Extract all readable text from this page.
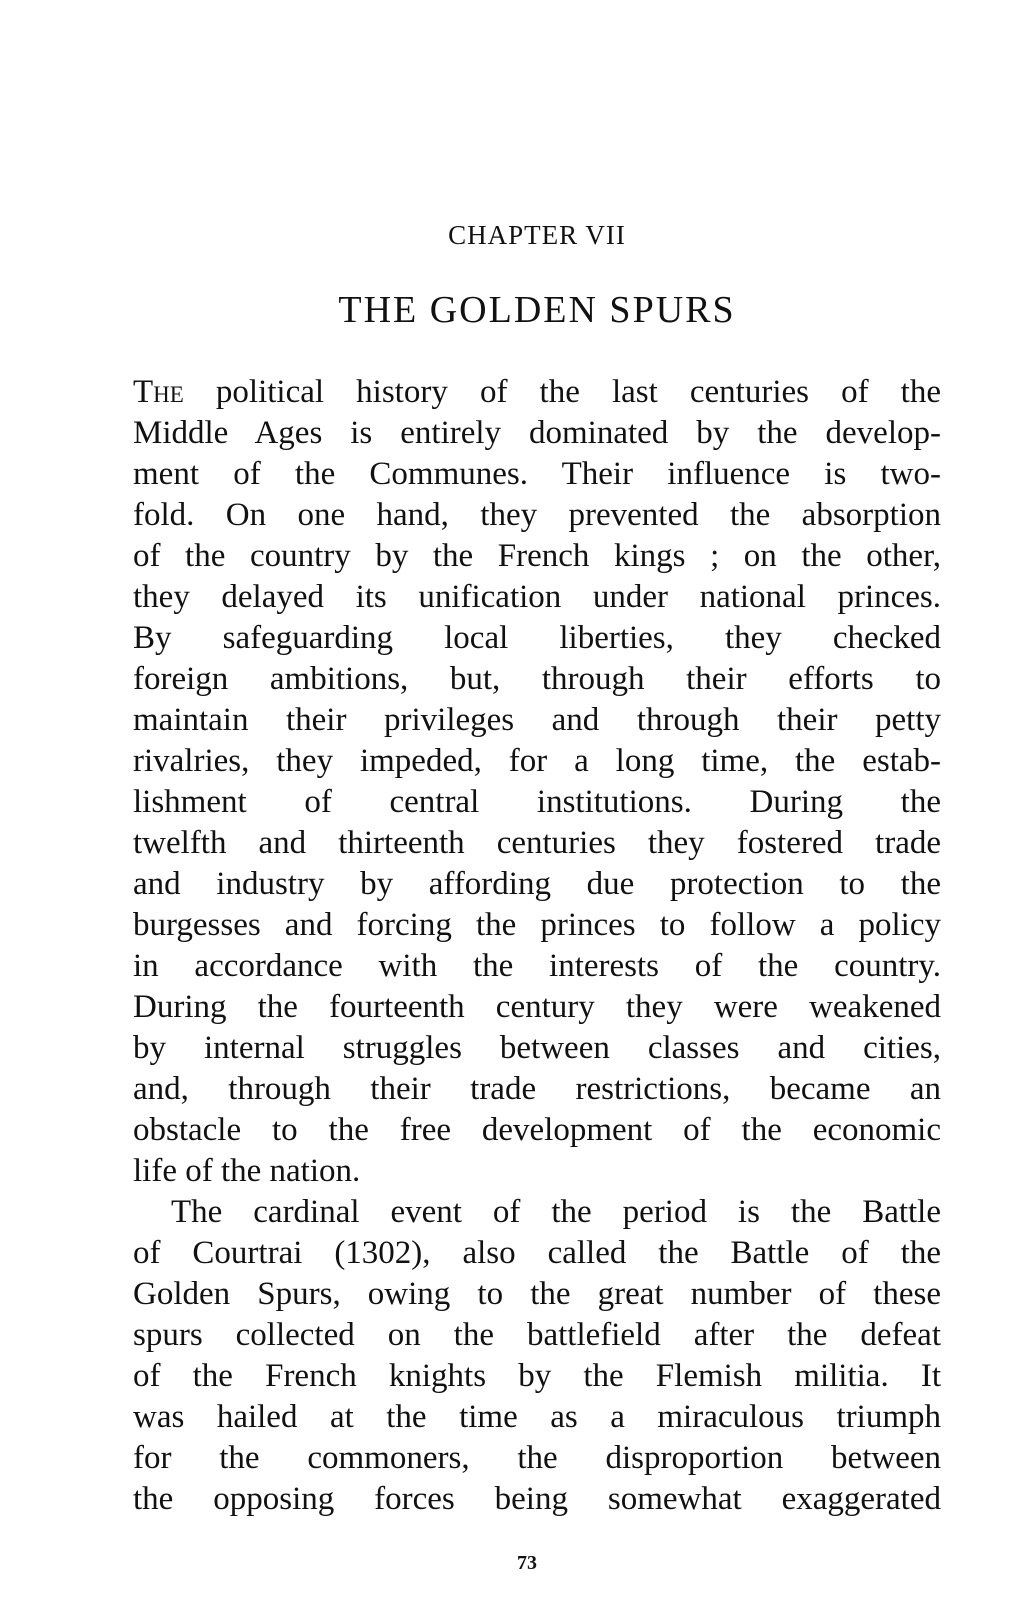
CHAPTER VII
THE GOLDEN SPURS
The political history of the last centuries of the
Middle Ages is entirely dominated by the develop-
ment of the Communes. Their influence is two-
fold. On one hand, they prevented the absorption
of the country by the French kings ; on the other,
they delayed its unification under national princes.
By safeguarding local liberties, they checked
foreign ambitions, but, through their efforts to
maintain their privileges and through their petty
rivalries, they impeded, for a long time, the estab-
lishment of central institutions. During the
twelfth and thirteenth centuries they fostered trade
and industry by affording due protection to the
burgesses and forcing the princes to follow a policy
in accordance with the interests of the country.
During the fourteenth century they were weakened
by internal struggles between classes and cities,
and, through their trade restrictions, became an
obstacle to the free development of the economic
life of the nation.
The cardinal event of the period is the Battle
of Courtrai (1302), also called the Battle of the
Golden Spurs, owing to the great number of these
spurs collected on the battlefield after the defeat
of the French knights by the Flemish militia. It
was hailed at the time as a miraculous triumph
for the commoners, the disproportion between
the opposing forces being somewhat exaggerated
73
